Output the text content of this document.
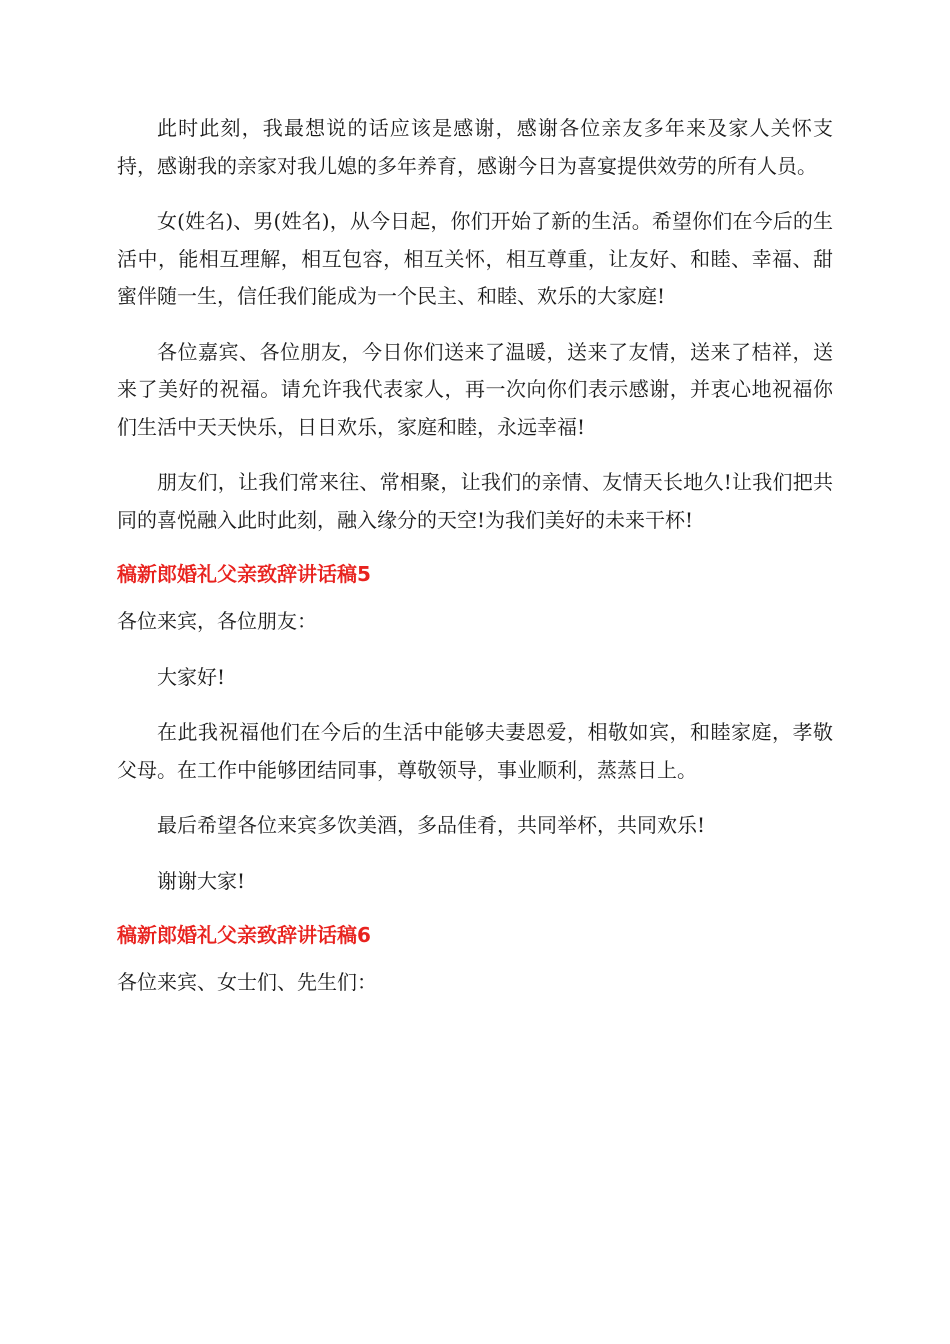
此时此刻，我最想说的话应该是感谢，感谢各位亲友多年来及家人关怀支持，感谢我的亲家对我儿媳的多年养育，感谢今日为喜宴提供效劳的所有人员。

女(姓名)、男(姓名)，从今日起，你们开始了新的生活。希望你们在今后的生活中，能相互理解，相互包容，相互关怀，相互尊重，让友好、和睦、幸福、甜蜜伴随一生，信任我们能成为一个民主、和睦、欢乐的大家庭!

各位嘉宾、各位朋友，今日你们送来了温暖，送来了友情，送来了桔祥，送来了美好的祝福。请允许我代表家人，再一次向你们表示感谢，并衷心地祝福你们生活中天天快乐，日日欢乐，家庭和睦，永远幸福!

朋友们，让我们常来往、常相聚，让我们的亲情、友情天长地久!让我们把共同的喜悦融入此时此刻，融入缘分的天空!为我们美好的未来干杯!

稿新郎婚礼父亲致辞讲话稿5

各位来宾，各位朋友：

大家好!

在此我祝福他们在今后的生活中能够夫妻恩爱，相敬如宾，和睦家庭，孝敬父母。在工作中能够团结同事，尊敬领导，事业顺利，蒸蒸日上。

最后希望各位来宾多饮美酒，多品佳肴，共同举杯，共同欢乐!

谢谢大家!

稿新郎婚礼父亲致辞讲话稿6

各位来宾、女士们、先生们：
